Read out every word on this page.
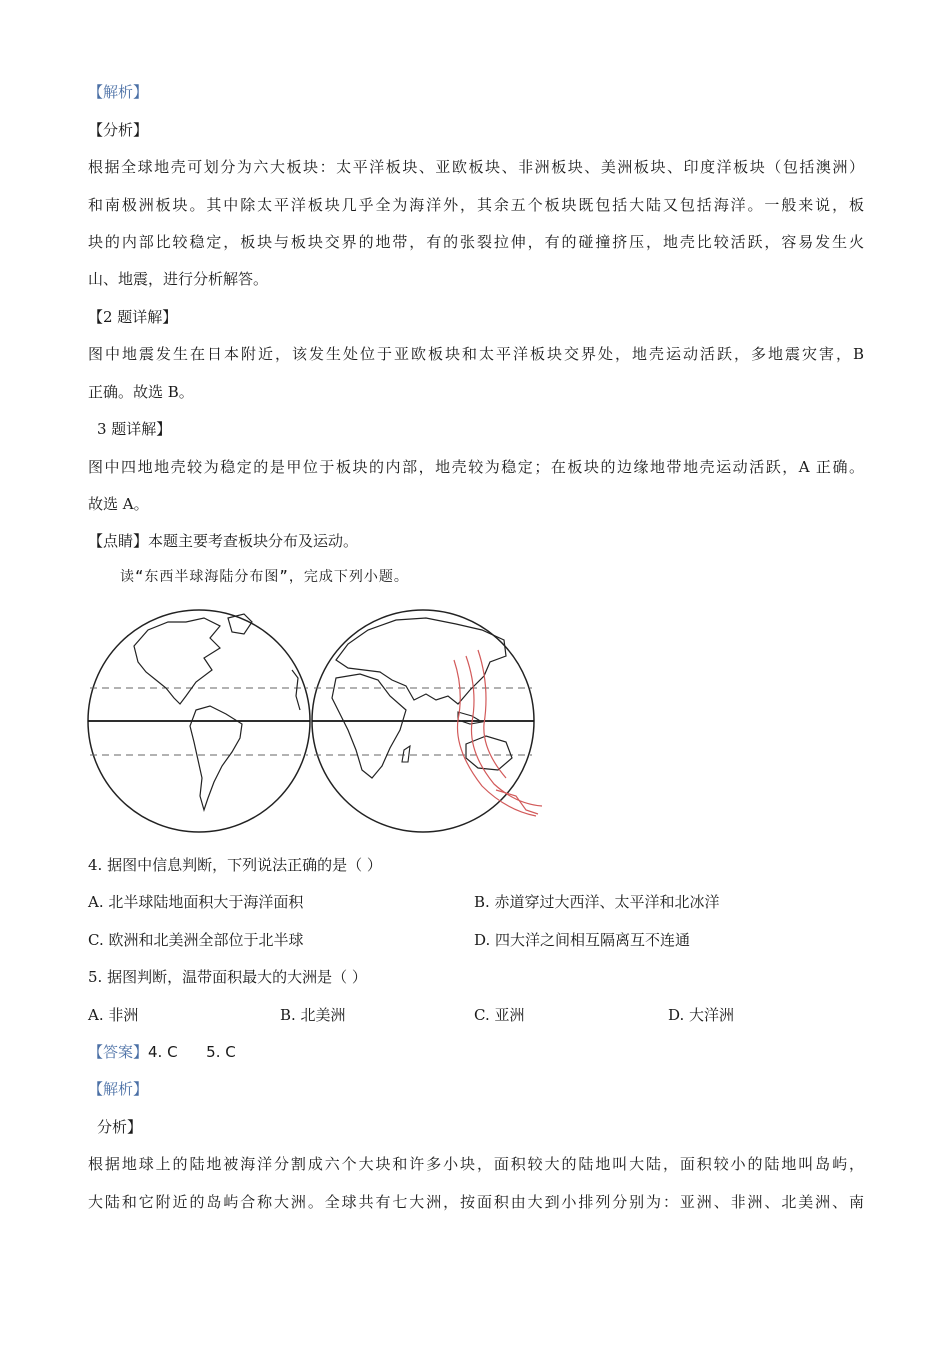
【解析】
【分析】
根据全球地壳可划分为六大板块：太平洋板块、亚欧板块、非洲板块、美洲板块、印度洋板块（包括澳洲）
和南极洲板块。其中除太平洋板块几乎全为海洋外，其余五个板块既包括大陆又包括海洋。一般来说，板
块的内部比较稳定，板块与板块交界的地带，有的张裂拉伸，有的碰撞挤压，地壳比较活跃，容易发生火
山、地震，进行分析解答。
【2 题详解】
图中地震发生在日本附近，该发生处位于亚欧板块和太平洋板块交界处，地壳运动活跃，多地震灾害，B
正确。故选 B。
3 题详解】
图中四地地壳较为稳定的是甲位于板块的内部，地壳较为稳定；在板块的边缘地带地壳运动活跃，A 正确。
故选 A。
【点睛】本题主要考查板块分布及运动。
读“东西半球海陆分布图”，完成下列小题。
4. 据图中信息判断，下列说法正确的是（ ）
A. 北半球陆地面积大于海洋面积	B. 赤道穿过大西洋、太平洋和北冰洋
C. 欧洲和北美洲全部位于北半球	D. 四大洋之间相互隔离互不连通
5. 据图判断，温带面积最大的大洲是（ ）
A. 非洲	B. 北美洲	C. 亚洲	D. 大洋洲
【答案】4. C      5. C
【解析】
分析】
根据地球上的陆地被海洋分割成六个大块和许多小块，面积较大的陆地叫大陆，面积较小的陆地叫岛屿，
大陆和它附近的岛屿合称大洲。全球共有七大洲，按面积由大到小排列分别为：亚洲、非洲、北美洲、南
